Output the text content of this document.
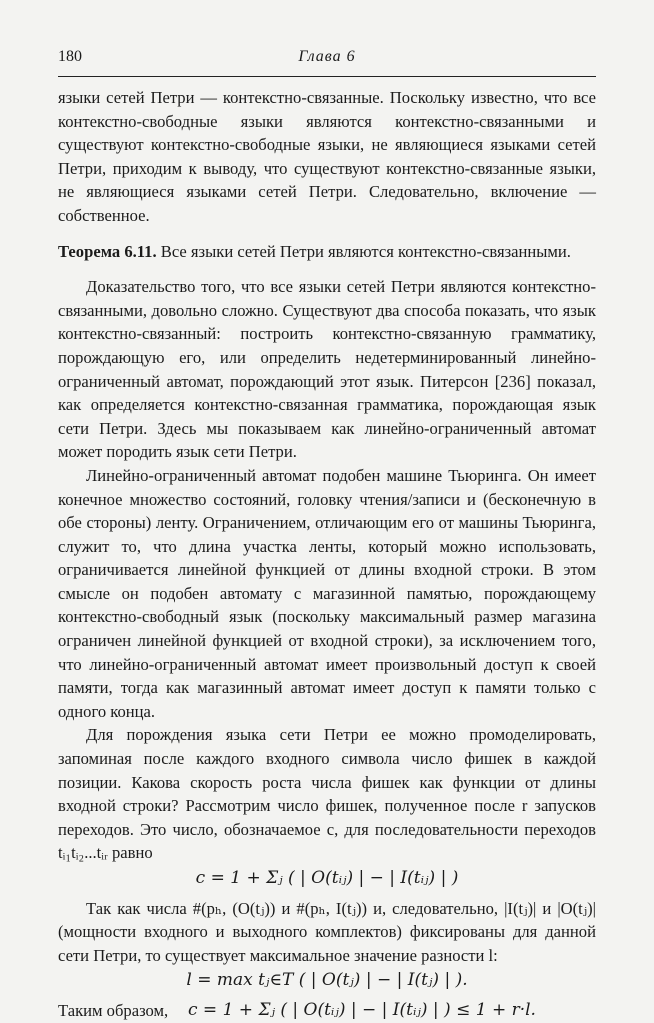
180	Глава 6

языки сетей Петри — контекстно-связанные. Поскольку известно, что все контекстно-свободные языки являются контекстно-связанными и существуют контекстно-свободные языки, не являющиеся языками сетей Петри, приходим к выводу, что существуют контекстно-связанные языки, не являющиеся языками сетей Петри. Следовательно, включение — собственное.

Теорема 6.11. Все языки сетей Петри являются контекстно-связанными.

Доказательство того, что все языки сетей Петри являются контекстно-связанными, довольно сложно. Существуют два способа показать, что язык контекстно-связанный: построить контекстно-связанную грамматику, порождающую его, или определить недетерминированный линейно-ограниченный автомат, порождающий этот язык. Питерсон [236] показал, как определяется контекстно-связанная грамматика, порождающая язык сети Петри. Здесь мы показываем как линейно-ограниченный автомат может породить язык сети Петри.

Линейно-ограниченный автомат подобен машине Тьюринга. Он имеет конечное множество состояний, головку чтения/записи и (бесконечную в обе стороны) ленту. Ограничением, отличающим его от машины Тьюринга, служит то, что длина участка ленты, который можно использовать, ограничивается линейной функцией от длины входной строки. В этом смысле он подобен автомату с магазинной памятью, порождающему контекстно-свободный язык (поскольку максимальный размер магазина ограничен линейной функцией от входной строки), за исключением того, что линейно-ограниченный автомат имеет произвольный доступ к своей памяти, тогда как магазинный автомат имеет доступ к памяти только с одного конца.

Для порождения языка сети Петри ее можно промоделировать, запоминая после каждого входного символа число фишек в каждой позиции. Какова скорость роста числа фишек как функции от длины входной строки? Рассмотрим число фишек, полученное после r запусков переходов. Это число, обозначаемое c, для последовательности переходов tᵢ₁tᵢ₂...tᵢᵣ равно

c = 1 + Σⱼ ( | O(tᵢⱼ) | − | I(tᵢⱼ) | )

Так как числа #(pₕ, (O(tⱼ)) и #(pₕ, I(tⱼ)) и, следовательно, |I(tⱼ)| и |O(tⱼ)| (мощности входного и выходного комплектов) фиксированы для данной сети Петри, то существует максимальное значение разности l:

l = max tⱼ∈T ( | O(tⱼ) | − | I(tⱼ) | ).

Таким образом,	c = 1 + Σⱼ ( | O(tᵢⱼ) | − | I(tᵢⱼ) | ) ≤ 1 + r·l.
